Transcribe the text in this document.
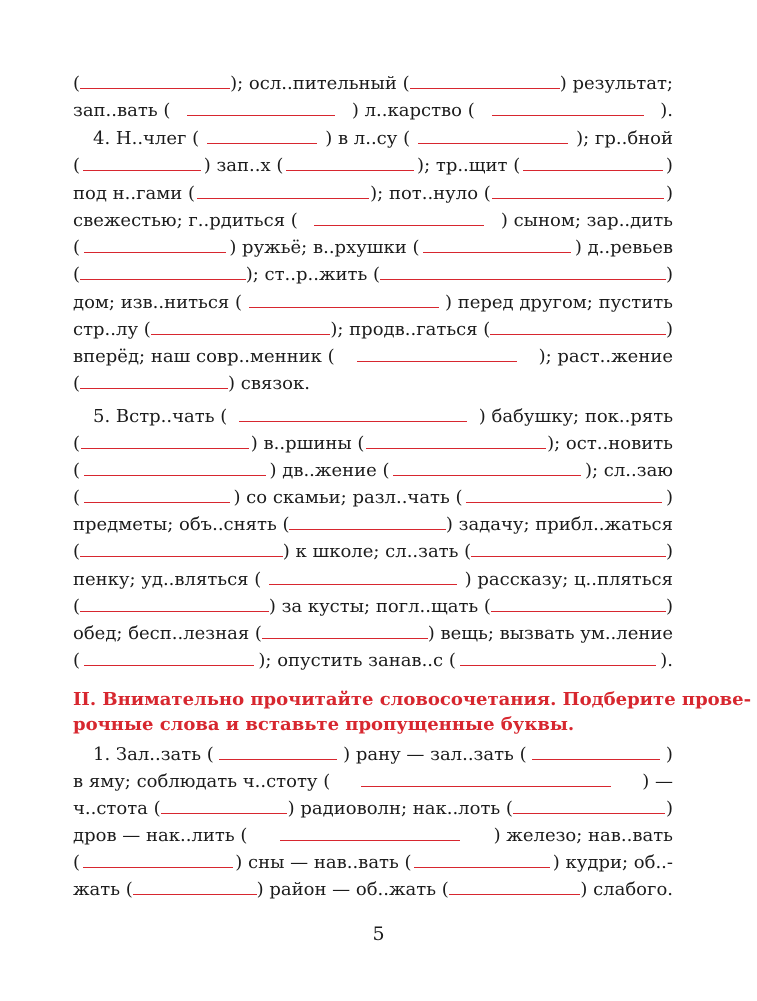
(	); осл..пительный (	) результат;
зап..вать (	) л..карство (	).
4. Н..члег (	) в л..су (	); гр..бной
(	) зап..х (	); тр..щит (	)
под н..гами (	); пот..нуло (	)
свежестью; г..рдиться (	) сыном; зар..дить
(	) ружьё; в..рхушки (	) д..ревьев
(	); ст..р..жить (	)
дом; изв..ниться (	) перед другом; пустить
стр..лу (	); продв..гаться (	)
вперёд; наш совр..менник (	); раст..жение
(	) связок.
5. Встр..чать (	) бабушку; пок..рять
(	) в..ршины (	); ост..новить
(	) дв..жение (	); сл..заю
(	) со скамьи; разл..чать (	)
предметы; объ..снять (	) задачу; прибл..жаться
(	) к школе; сл..зать (	)
пенку; уд..вляться (	) рассказу; ц..пляться
(	) за кусты; погл..щать (	)
обед; бесп..лезная (	) вещь; вызвать ум..ление
(	); опустить занав..с (	).
II. Внимательно прочитайте словосочетания. Подберите прове-
рочные слова и вставьте пропущенные буквы.
1. Зал..зать (	) рану — зал..зать (	)
в яму; соблюдать ч..стоту (	) —
ч..стота (	) радиоволн; нак..лоть (	)
дров — нак..лить (	) железо; нав..вать
(	) сны — нав..вать (	) кудри; об..-
жать (	) район — об..жать (	) слабого.
5
